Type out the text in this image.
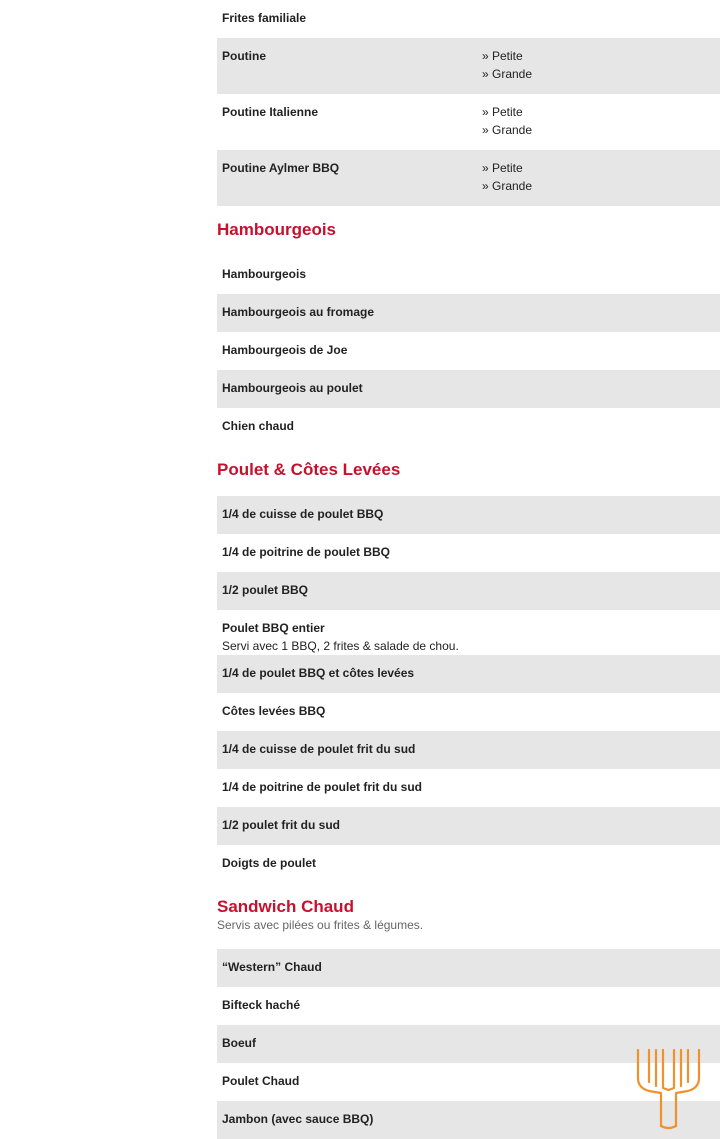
Frites familiale
Poutine	» Petite
» Grande
Poutine Italienne	» Petite
» Grande
Poutine Aylmer BBQ	» Petite
» Grande
Hambourgeois
Hambourgeois
Hambourgeois au fromage
Hambourgeois de Joe
Hambourgeois au poulet
Chien chaud
Poulet & Côtes Levées
1/4 de cuisse de poulet BBQ
1/4 de poitrine de poulet BBQ
1/2 poulet BBQ
Poulet BBQ entier
Servi avec 1 BBQ, 2 frites & salade de chou.
1/4 de poulet BBQ et côtes levées
Côtes levées BBQ
1/4 de cuisse de poulet frit du sud
1/4 de poitrine de poulet frit du sud
1/2 poulet frit du sud
Doigts de poulet
Sandwich Chaud
Servis avec pilées ou frites & légumes.
“Western” Chaud
Bifteck haché
Boeuf
Poulet Chaud
Jambon (avec sauce BBQ)
